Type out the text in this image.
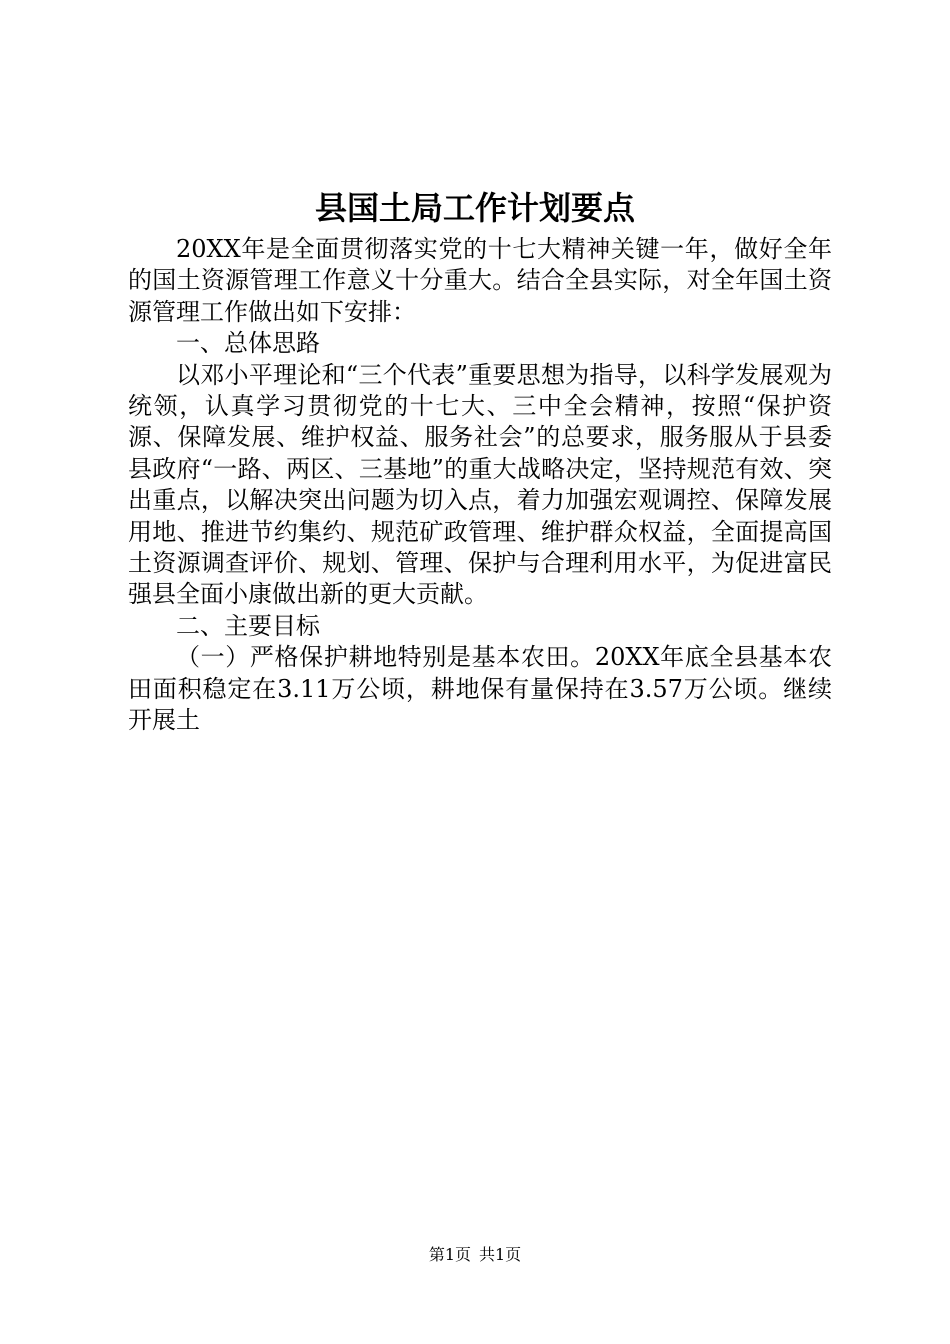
县国土局工作计划要点

20XX年是全面贯彻落实党的十七大精神关键一年，做好全年的国土资源管理工作意义十分重大。结合全县实际，对全年国土资源管理工作做出如下安排：

一、总体思路

以邓小平理论和“三个代表”重要思想为指导，以科学发展观为统领，认真学习贯彻党的十七大、三中全会精神，按照“保护资源、保障发展、维护权益、服务社会”的总要求，服务服从于县委县政府“一路、两区、三基地”的重大战略决定，坚持规范有效、突出重点，以解决突出问题为切入点，着力加强宏观调控、保障发展用地、推进节约集约、规范矿政管理、维护群众权益，全面提高国土资源调查评价、规划、管理、保护与合理利用水平，为促进富民强县全面小康做出新的更大贡献。

二、主要目标

（一）严格保护耕地特别是基本农田。20XX年底全县基本农田面积稳定在3.11万公顷，耕地保有量保持在3.57万公顷。继续开展土

第1页 共1页
